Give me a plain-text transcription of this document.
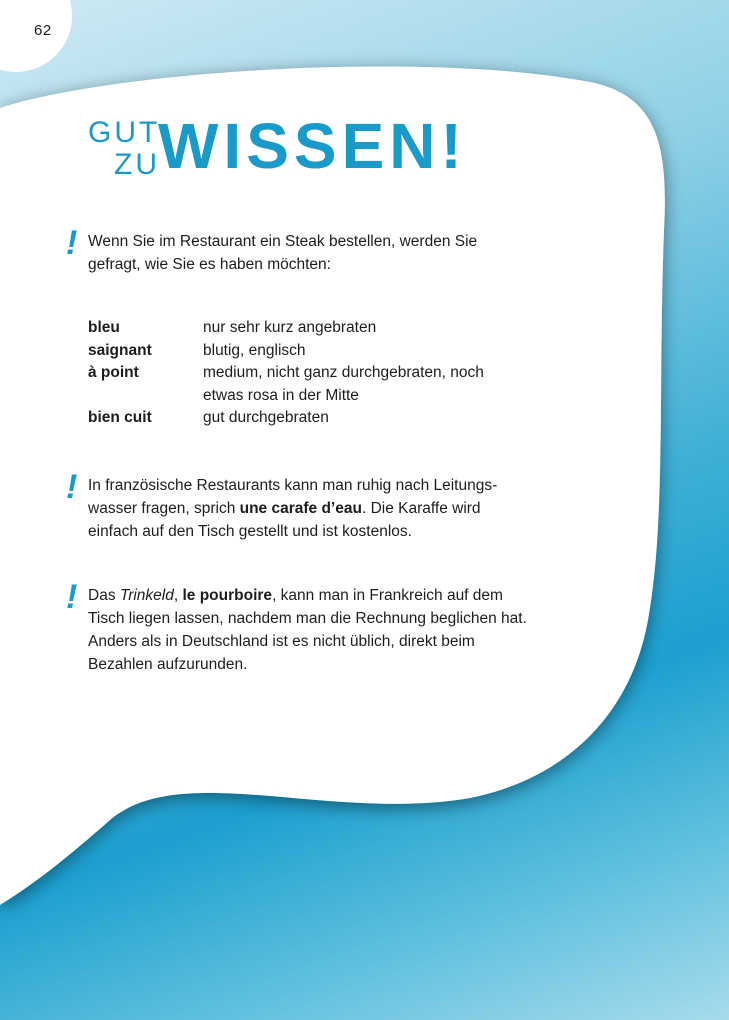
62
GUT
ZU
WISSEN!
! Wenn Sie im Restaurant ein Steak bestellen, werden Sie gefragt, wie Sie es haben möchten:
bleu	nur sehr kurz angebraten
saignant	blutig, englisch
à point	medium, nicht ganz durchgebraten, noch etwas rosa in der Mitte
bien cuit	gut durchgebraten
! In französische Restaurants kann man ruhig nach Leitungs-wasser fragen, sprich une carafe d’eau. Die Karaffe wird einfach auf den Tisch gestellt und ist kostenlos.
! Das Trinkeld, le pourboire, kann man in Frankreich auf dem Tisch liegen lassen, nachdem man die Rechnung beglichen hat. Anders als in Deutschland ist es nicht üblich, direkt beim Bezahlen aufzurunden.
